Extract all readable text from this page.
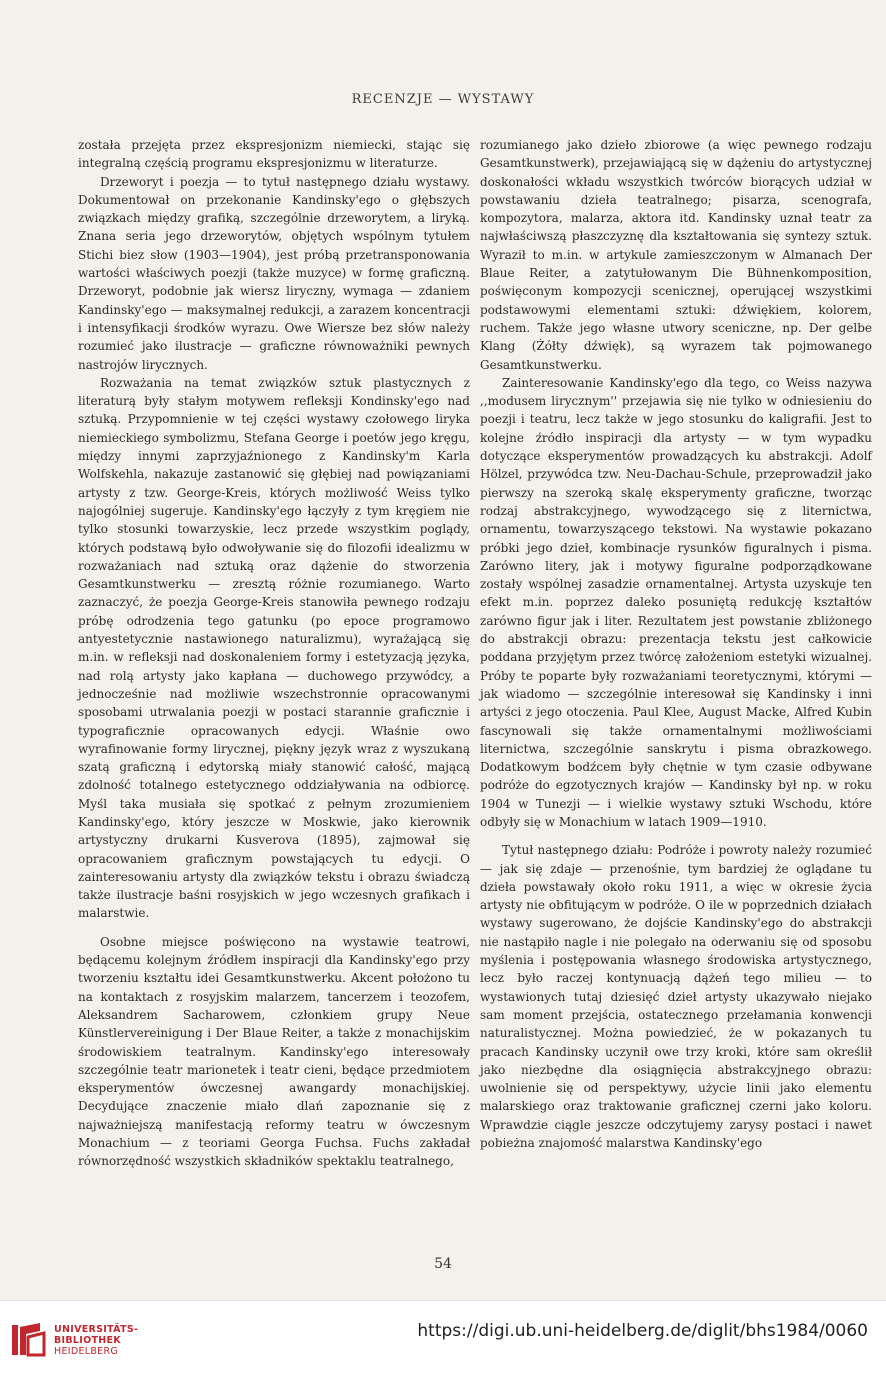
RECENZJE — WYSTAWY

została przejęta przez ekspresjonizm niemiecki, stając się integralną częścią programu ekspresjonizmu w literaturze.

Drzeworyt i poezja — to tytuł następnego działu wystawy. Dokumentował on przekonanie Kandinsky'ego o głębszych związkach między grafiką, szczególnie drzeworytem, a liryką. Znana seria jego drzeworytów, objętych wspólnym tytułem Stichi biez słow (1903—1904), jest próbą przetransponowania wartości właściwych poezji (także muzyce) w formę graficzną. Drzeworyt, podobnie jak wiersz liryczny, wymaga — zdaniem Kandinsky'ego — maksymalnej redukcji, a zarazem koncentracji i intensyfikacji środków wyrazu. Owe Wiersze bez słów należy rozumieć jako ilustracje — graficzne równoważniki pewnych nastrojów lirycznych.

Rozważania na temat związków sztuk plastycznych z literaturą były stałym motywem refleksji Kondinsky'ego nad sztuką. Przypomnienie w tej części wystawy czołowego liryka niemieckiego symbolizmu, Stefana George i poetów jego kręgu, między innymi zaprzyjaźnionego z Kandinsky'm Karla Wolfskehla, nakazuje zastanowić się głębiej nad powiązaniami artysty z tzw. George-Kreis, których możliwość Weiss tylko najogólniej sugeruje. Kandinsky'ego łączyły z tym kręgiem nie tylko stosunki towarzyskie, lecz przede wszystkim poglądy, których podstawą było odwoływanie się do filozofii idealizmu w rozważaniach nad sztuką oraz dążenie do stworzenia Gesamtkunstwerku — zresztą różnie rozumianego. Warto zaznaczyć, że poezja George-Kreis stanowiła pewnego rodzaju próbę odrodzenia tego gatunku (po epoce programowo antyestetycznie nastawionego naturalizmu), wyrażającą się m.in. w refleksji nad doskonaleniem formy i estetyzacją języka, nad rolą artysty jako kapłana — duchowego przywódcy, a jednocześnie nad możliwie wszechstronnie opracowanymi sposobami utrwalania poezji w postaci starannie graficznie i typograficznie opracowanych edycji. Właśnie owo wyrafinowanie formy lirycznej, piękny język wraz z wyszukaną szatą graficzną i edytorską miały stanowić całość, mającą zdolność totalnego estetycznego oddziaływania na odbiorcę. Myśl taka musiała się spotkać z pełnym zrozumieniem Kandinsky'ego, który jeszcze w Moskwie, jako kierownik artystyczny drukarni Kusverova (1895), zajmował się opracowaniem graficznym powstających tu edycji. O zainteresowaniu artysty dla związków tekstu i obrazu świadczą także ilustracje baśni rosyjskich w jego wczesnych grafikach i malarstwie.

Osobne miejsce poświęcono na wystawie teatrowi, będącemu kolejnym źródłem inspiracji dla Kandinsky'ego przy tworzeniu kształtu idei Gesamtkunstwerku. Akcent położono tu na kontaktach z rosyjskim malarzem, tancerzem i teozofem, Aleksandrem Sacharowem, członkiem grupy Neue Künstlervereinigung i Der Blaue Reiter, a także z monachijskim środowiskiem teatralnym. Kandinsky'ego interesowały szczególnie teatr marionetek i teatr cieni, będące przedmiotem eksperymentów ówczesnej awangardy monachijskiej. Decydujące znaczenie miało dlań zapoznanie się z najważniejszą manifestacją reformy teatru w ówczesnym Monachium — z teoriami Georga Fuchsa. Fuchs zakładał równorzędność wszystkich składników spektaklu teatralnego,

rozumianego jako dzieło zbiorowe (a więc pewnego rodzaju Gesamtkunstwerk), przejawiającą się w dążeniu do artystycznej doskonałości wkładu wszystkich twórców biorących udział w powstawaniu dzieła teatralnego; pisarza, scenografa, kompozytora, malarza, aktora itd. Kandinsky uznał teatr za najwłaściwszą płaszczyznę dla kształtowania się syntezy sztuk. Wyraził to m.in. w artykule zamieszczonym w Almanach Der Blaue Reiter, a zatytułowanym Die Bühnenkomposition, poświęconym kompozycji scenicznej, operującej wszystkimi podstawowymi elementami sztuki: dźwiękiem, kolorem, ruchem. Także jego własne utwory sceniczne, np. Der gelbe Klang (Żółty dźwięk), są wyrazem tak pojmowanego Gesamtkunstwerku.

Zainteresowanie Kandinsky'ego dla tego, co Weiss nazywa ,,modusem lirycznym'' przejawia się nie tylko w odniesieniu do poezji i teatru, lecz także w jego stosunku do kaligrafii. Jest to kolejne źródło inspiracji dla artysty — w tym wypadku dotyczące eksperymentów prowadzących ku abstrakcji. Adolf Hölzel, przywódca tzw. Neu-Dachau-Schule, przeprowadził jako pierwszy na szeroką skalę eksperymenty graficzne, tworząc rodzaj abstrakcyjnego, wywodzącego się z liternictwa, ornamentu, towarzyszącego tekstowi. Na wystawie pokazano próbki jego dzieł, kombinacje rysunków figuralnych i pisma. Zarówno litery, jak i motywy figuralne podporządkowane zostały wspólnej zasadzie ornamentalnej. Artysta uzyskuje ten efekt m.in. poprzez daleko posuniętą redukcję kształtów zarówno figur jak i liter. Rezultatem jest powstanie zbliżonego do abstrakcji obrazu: prezentacja tekstu jest całkowicie poddana przyjętym przez twórcę założeniom estetyki wizualnej. Próby te poparte były rozważaniami teoretycznymi, którymi — jak wiadomo — szczególnie interesował się Kandinsky i inni artyści z jego otoczenia. Paul Klee, August Macke, Alfred Kubin fascynowali się także ornamentalnymi możliwościami liternictwa, szczególnie sanskrytu i pisma obrazkowego. Dodatkowym bodźcem były chętnie w tym czasie odbywane podróże do egzotycznych krajów — Kandinsky był np. w roku 1904 w Tunezji — i wielkie wystawy sztuki Wschodu, które odbyły się w Monachium w latach 1909—1910.

Tytuł następnego działu: Podróże i powroty należy rozumieć — jak się zdaje — przenośnie, tym bardziej że oglądane tu dzieła powstawały około roku 1911, a więc w okresie życia artysty nie obfitującym w podróże. O ile w poprzednich działach wystawy sugerowano, że dojście Kandinsky'ego do abstrakcji nie nastąpiło nagle i nie polegało na oderwaniu się od sposobu myślenia i postępowania własnego środowiska artystycznego, lecz było raczej kontynuacją dążeń tego milieu — to wystawionych tutaj dziesięć dzieł artysty ukazywało niejako sam moment przejścia, ostatecznego przełamania konwencji naturalistycznej. Można powiedzieć, że w pokazanych tu pracach Kandinsky uczynił owe trzy kroki, które sam określił jako niezbędne dla osiągnięcia abstrakcyjnego obrazu: uwolnienie się od perspektywy, użycie linii jako elementu malarskiego oraz traktowanie graficznej czerni jako koloru. Wprawdzie ciągle jeszcze odczytujemy zarysy postaci i nawet pobieżna znajomość malarstwa Kandinsky'ego

54
UNIVERSITÄTS-
BIBLIOTHEK
HEIDELBERG
https://digi.ub.uni-heidelberg.de/diglit/bhs1984/0060
